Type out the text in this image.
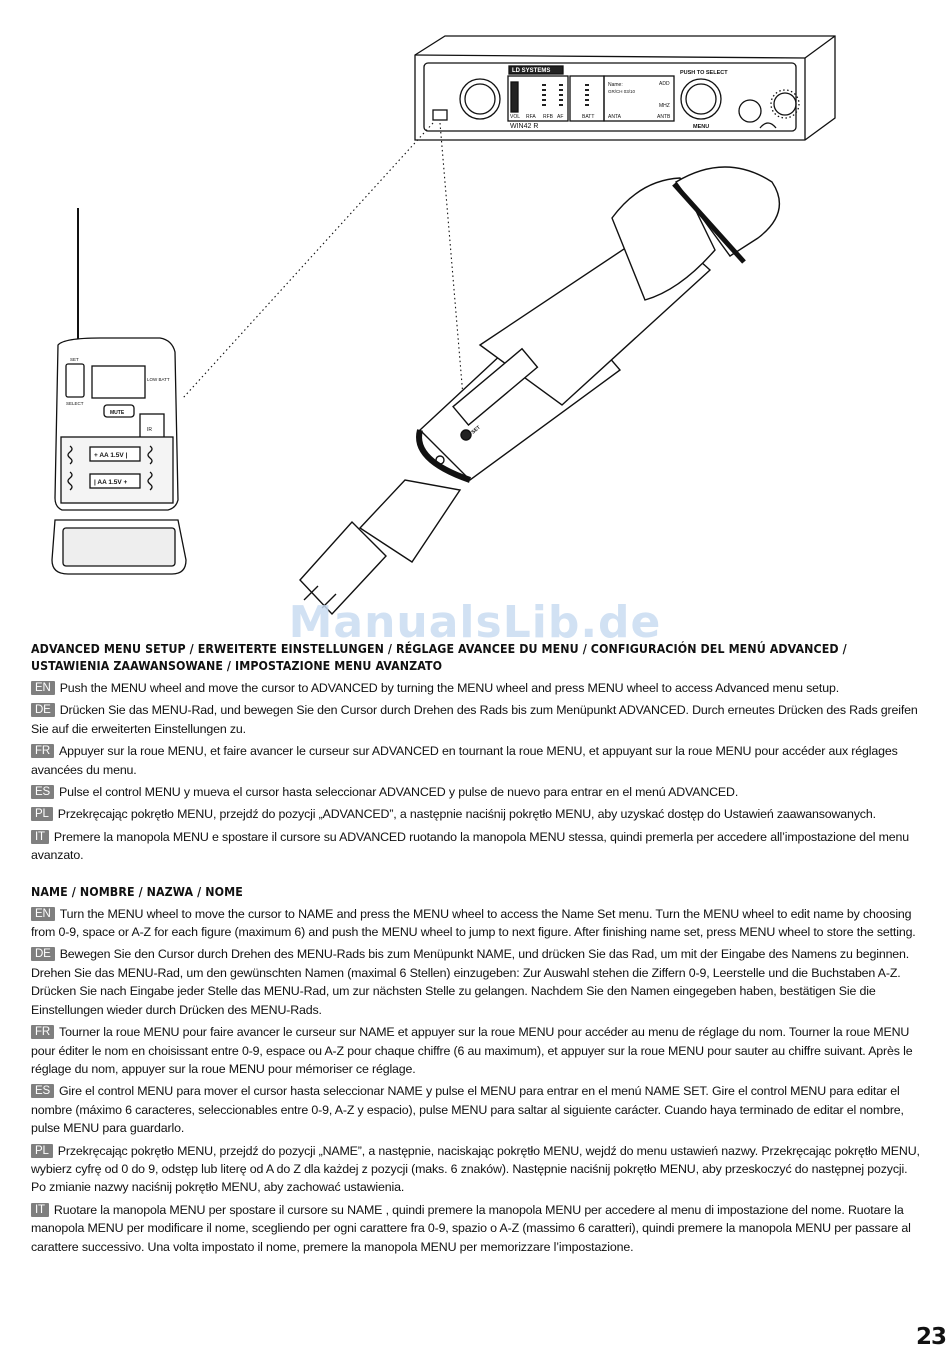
LD SYSTEMS
WIN42 R
PUSH TO SELECT
MENU
Name:
GR/CH 03/10
ADD
MHZ
ANTA	ANTB
VOL RFA RFB AF	BATT
SELECT
SET
LOW BATT
MUTE
IR
+ AA 1.5V |
| AA 1.5V +
SET
ManualsLib.de
ADVANCED MENU SETUP / ERWEITERTE EINSTELLUNGEN / RÉGLAGE AVANCEE DU MENU / CONFIGURACIÓN DEL MENÚ ADVANCED /
USTAWIENIA ZAAWANSOWANE / IMPOSTAZIONE MENU AVANZATO

EN Push the MENU wheel and move the cursor to ADVANCED by turning the MENU wheel and press MENU wheel to access Advanced menu setup.

DE Drücken Sie das MENU-Rad, und bewegen Sie den Cursor durch Drehen des Rads bis zum Menüpunkt ADVANCED. Durch erneutes Drücken des Rads greifen Sie auf die erweiterten Einstellungen zu.

FR Appuyer sur la roue MENU, et faire avancer le curseur sur ADVANCED en tournant la roue MENU, et appuyant sur la roue MENU pour accéder aux réglages avancées du menu.

ES Pulse el control MENU y mueva el cursor hasta seleccionar ADVANCED y pulse de nuevo para entrar en el menú ADVANCED.

PL Przekręcając pokrętło MENU, przejdź do pozycji „ADVANCED”, a następnie naciśnij pokrętło MENU, aby uzyskać dostęp do Ustawień zaawansowanych.

IT Premere la manopola MENU e spostare il cursore su ADVANCED ruotando la manopola MENU stessa, quindi premerla per accedere all’impostazione del menu avanzato.

NAME / NOMBRE / NAZWA / NOME

EN Turn the MENU wheel to move the cursor to NAME and press the MENU wheel to access the Name Set menu. Turn the MENU wheel to edit name by choosing from 0-9, space or A-Z for each figure (maximum 6) and push the MENU wheel to jump to next figure. After finishing name set, press MENU wheel to store the setting.

DE Bewegen Sie den Cursor durch Drehen des MENU-Rads bis zum Menüpunkt NAME, und drücken Sie das Rad, um mit der Eingabe des Namens zu beginnen. Drehen Sie das MENU-Rad, um den gewünschten Namen (maximal 6 Stellen) einzugeben: Zur Auswahl stehen die Ziffern 0-9, Leerstelle und die Buchstaben A-Z. Drücken Sie nach Eingabe jeder Stelle das MENU-Rad, um zur nächsten Stelle zu gelangen. Nachdem Sie den Namen eingegeben haben, bestätigen Sie die Einstellungen wieder durch Drücken des MENU-Rads.

FR Tourner la roue MENU pour faire avancer le curseur sur NAME et appuyer sur la roue MENU pour accéder au menu de réglage du nom. Tourner la roue MENU pour éditer le nom en choisissant entre 0-9, espace ou A-Z pour chaque chiffre (6 au maximum), et appuyer sur la roue MENU pour sauter au chiffre suivant. Après le réglage du nom, appuyer sur la roue MENU pour mémoriser ce réglage.

ES Gire el control MENU para mover el cursor hasta seleccionar NAME y pulse el MENU para entrar en el menú NAME SET. Gire el control MENU para editar el nombre (máximo 6 caracteres, seleccionables entre 0-9, A-Z y espacio), pulse MENU para saltar al siguiente carácter. Cuando haya terminado de editar el nombre, pulse MENU para guardarlo.

PL Przekręcając pokrętło MENU, przejdź do pozycji „NAME”, a następnie, naciskając pokrętło MENU, wejdź do menu ustawień nazwy. Przekręcając pokrętło MENU, wybierz cyfrę od 0 do 9, odstęp lub literę od A do Z dla każdej z pozycji (maks. 6 znaków). Następnie naciśnij pokrętło MENU, aby przeskoczyć do następnej pozycji. Po zmianie nazwy naciśnij pokrętło MENU, aby zachować ustawienia.

IT Ruotare la manopola MENU per spostare il cursore su NAME , quindi premere la manopola MENU per accedere al menu di impostazione del nome. Ruotare la manopola MENU per modificare il nome, scegliendo per ogni carattere fra 0-9, spazio o A-Z (massimo 6 caratteri), quindi premere la manopola MENU per passare al carattere successivo. Una volta impostato il nome, premere la manopola MENU per memorizzare l’impostazione.

23
